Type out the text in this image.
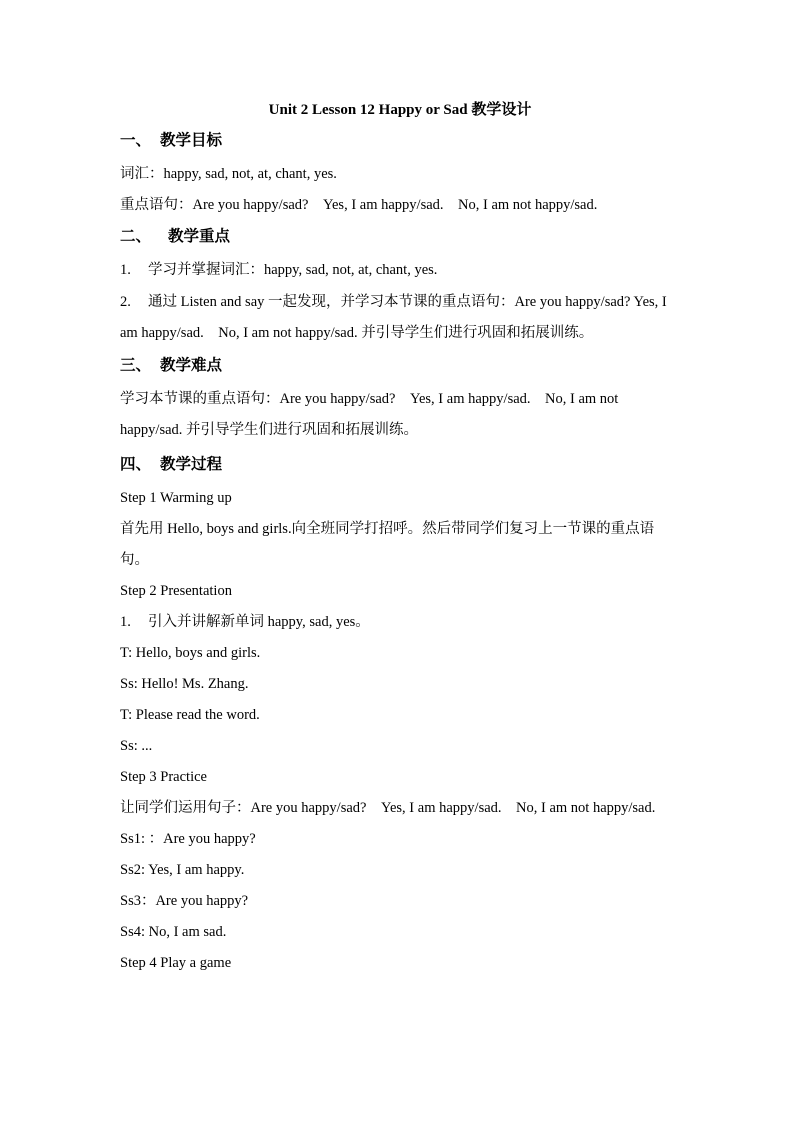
Unit 2 Lesson 12 Happy or Sad 教学设计
一、 教学目标
词汇：happy, sad, not, at, chant, yes.
重点语句：Are you happy/sad?　Yes, I am happy/sad.　No, I am not happy/sad.
二、 教学重点
1. 学习并掌握词汇：happy, sad, not, at, chant, yes.
2. 通过 Listen and say 一起发现，并学习本节课的重点语句：Are you happy/sad? Yes, I am happy/sad.　No, I am not happy/sad. 并引导学生们进行巩固和拓展训练。
三、 教学难点
学习本节课的重点语句：Are you happy/sad?　Yes, I am happy/sad.　No, I am not happy/sad. 并引导学生们进行巩固和拓展训练。
四、 教学过程
Step 1 Warming up
首先用 Hello, boys and girls.向全班同学打招呼。然后带同学们复习上一节课的重点语句。
Step 2 Presentation
1. 引入并讲解新单词 happy, sad, yes。
T: Hello, boys and girls.
Ss: Hello! Ms. Zhang.
T: Please read the word.
Ss: ...
Step 3 Practice
让同学们运用句子：Are you happy/sad?　Yes, I am happy/sad.　No, I am not happy/sad.
Ss1: ：Are you happy?
Ss2: Yes, I am happy.
Ss3：Are you happy?
Ss4: No, I am sad.
Step 4 Play a game
